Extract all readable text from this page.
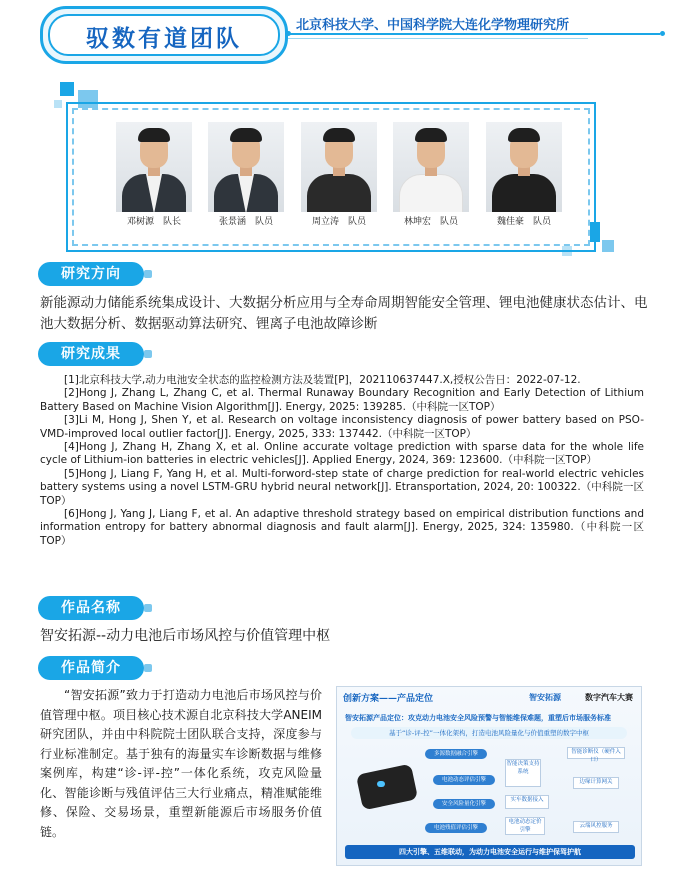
驭数有道团队
北京科技大学、中国科学院大连化学物理研究所
邓树源　队长	张景涵　队员	周立涛　队员	林坤宏　队员	魏佳豪　队员
研究方向
新能源动力储能系统集成设计、大数据分析应用与全寿命周期智能安全管理、锂电池健康状态估计、电池大数据分析、数据驱动算法研究、锂离子电池故障诊断
研究成果

[1]北京科技大学,动力电池安全状态的监控检测方法及装置[P]，202110637447.X,授权公告日：2022-07-12.

[2]Hong J, Zhang L, Zhang C, et al. Thermal Runaway Boundary Recognition and Early Detection of Lithium Battery Based on Machine Vision Algorithm[J]. Energy, 2025: 139285.（中科院一区TOP）

[3]Li M, Hong J, Shen Y, et al. Research on voltage inconsistency diagnosis of power battery based on PSO-VMD-improved local outlier factor[J]. Energy, 2025, 333: 137442.（中科院一区TOP）

[4]Hong J, Zhang H, Zhang X, et al. Online accurate voltage prediction with sparse data for the whole life cycle of Lithium-ion batteries in electric vehicles[J]. Applied Energy, 2024, 369: 123600.（中科院一区TOP）

[5]Hong J, Liang F, Yang H, et al. Multi-forword-step state of charge prediction for real-world electric vehicles battery systems using a novel LSTM-GRU hybrid neural network[J]. Etransportation, 2024, 20: 100322.（中科院一区TOP）

[6]Hong J, Yang J, Liang F, et al. An adaptive threshold strategy based on empirical distribution functions and information entropy for battery abnormal diagnosis and fault alarm[J]. Energy, 2025, 324: 135980.（中科院一区TOP）

作品名称
智安拓源--动力电池后市场风控与价值管理中枢
作品简介
“智安拓源”致力于打造动力电池后市场风控与价值管理中枢。项目核心技术源自北京科技大学ANEIM研究团队，并由中科院院士团队联合支持，深度参与行业标准制定。基于独有的海量实车诊断数据与维修案例库，构建“诊-评-控”一体化系统，攻克风险量化、智能诊断与残值评估三大行业痛点，精准赋能维修、保险、交易场景，重塑新能源后市场服务价值链。
创新方案——产品定位	智安拓源	数字汽车大赛
智安拓源产品定位：攻克动力电池安全风险预警与智能维保难题，重塑后市场服务标准
基于“诊-评-控”一体化架构，打造电池风险量化与价值重塑的数字中枢
多源数据融合引擎
电池动态评估引擎
安全风险量化引擎
电池残值评估引擎
智能诊断仪（硬件入口）
智能决策支持系统
边缘计算网关
实车数据接入
云端风控服务
电池动态定价引擎
四大引擎、五维联动，为动力电池安全运行与维护保驾护航
